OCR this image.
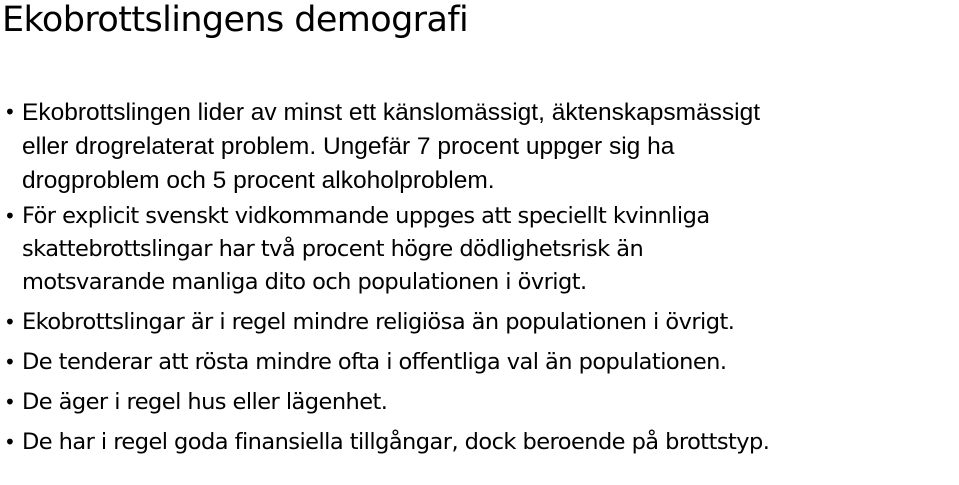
Ekobrottslingens demografi
• Ekobrottslingen lider av minst ett känslomässigt, äktenskapsmässigt
eller drogrelaterat problem. Ungefär 7 procent uppger sig ha
drogproblem och 5 procent alkoholproblem.
• För explicit svenskt vidkommande uppges att speciellt kvinnliga
skattebrottslingar har två procent högre dödlighetsrisk än
motsvarande manliga dito och populationen i övrigt.
• Ekobrottslingar är i regel mindre religiösa än populationen i övrigt.
• De tenderar att rösta mindre ofta i offentliga val än populationen.
• De äger i regel hus eller lägenhet.
• De har i regel goda finansiella tillgångar, dock beroende på brottstyp.
